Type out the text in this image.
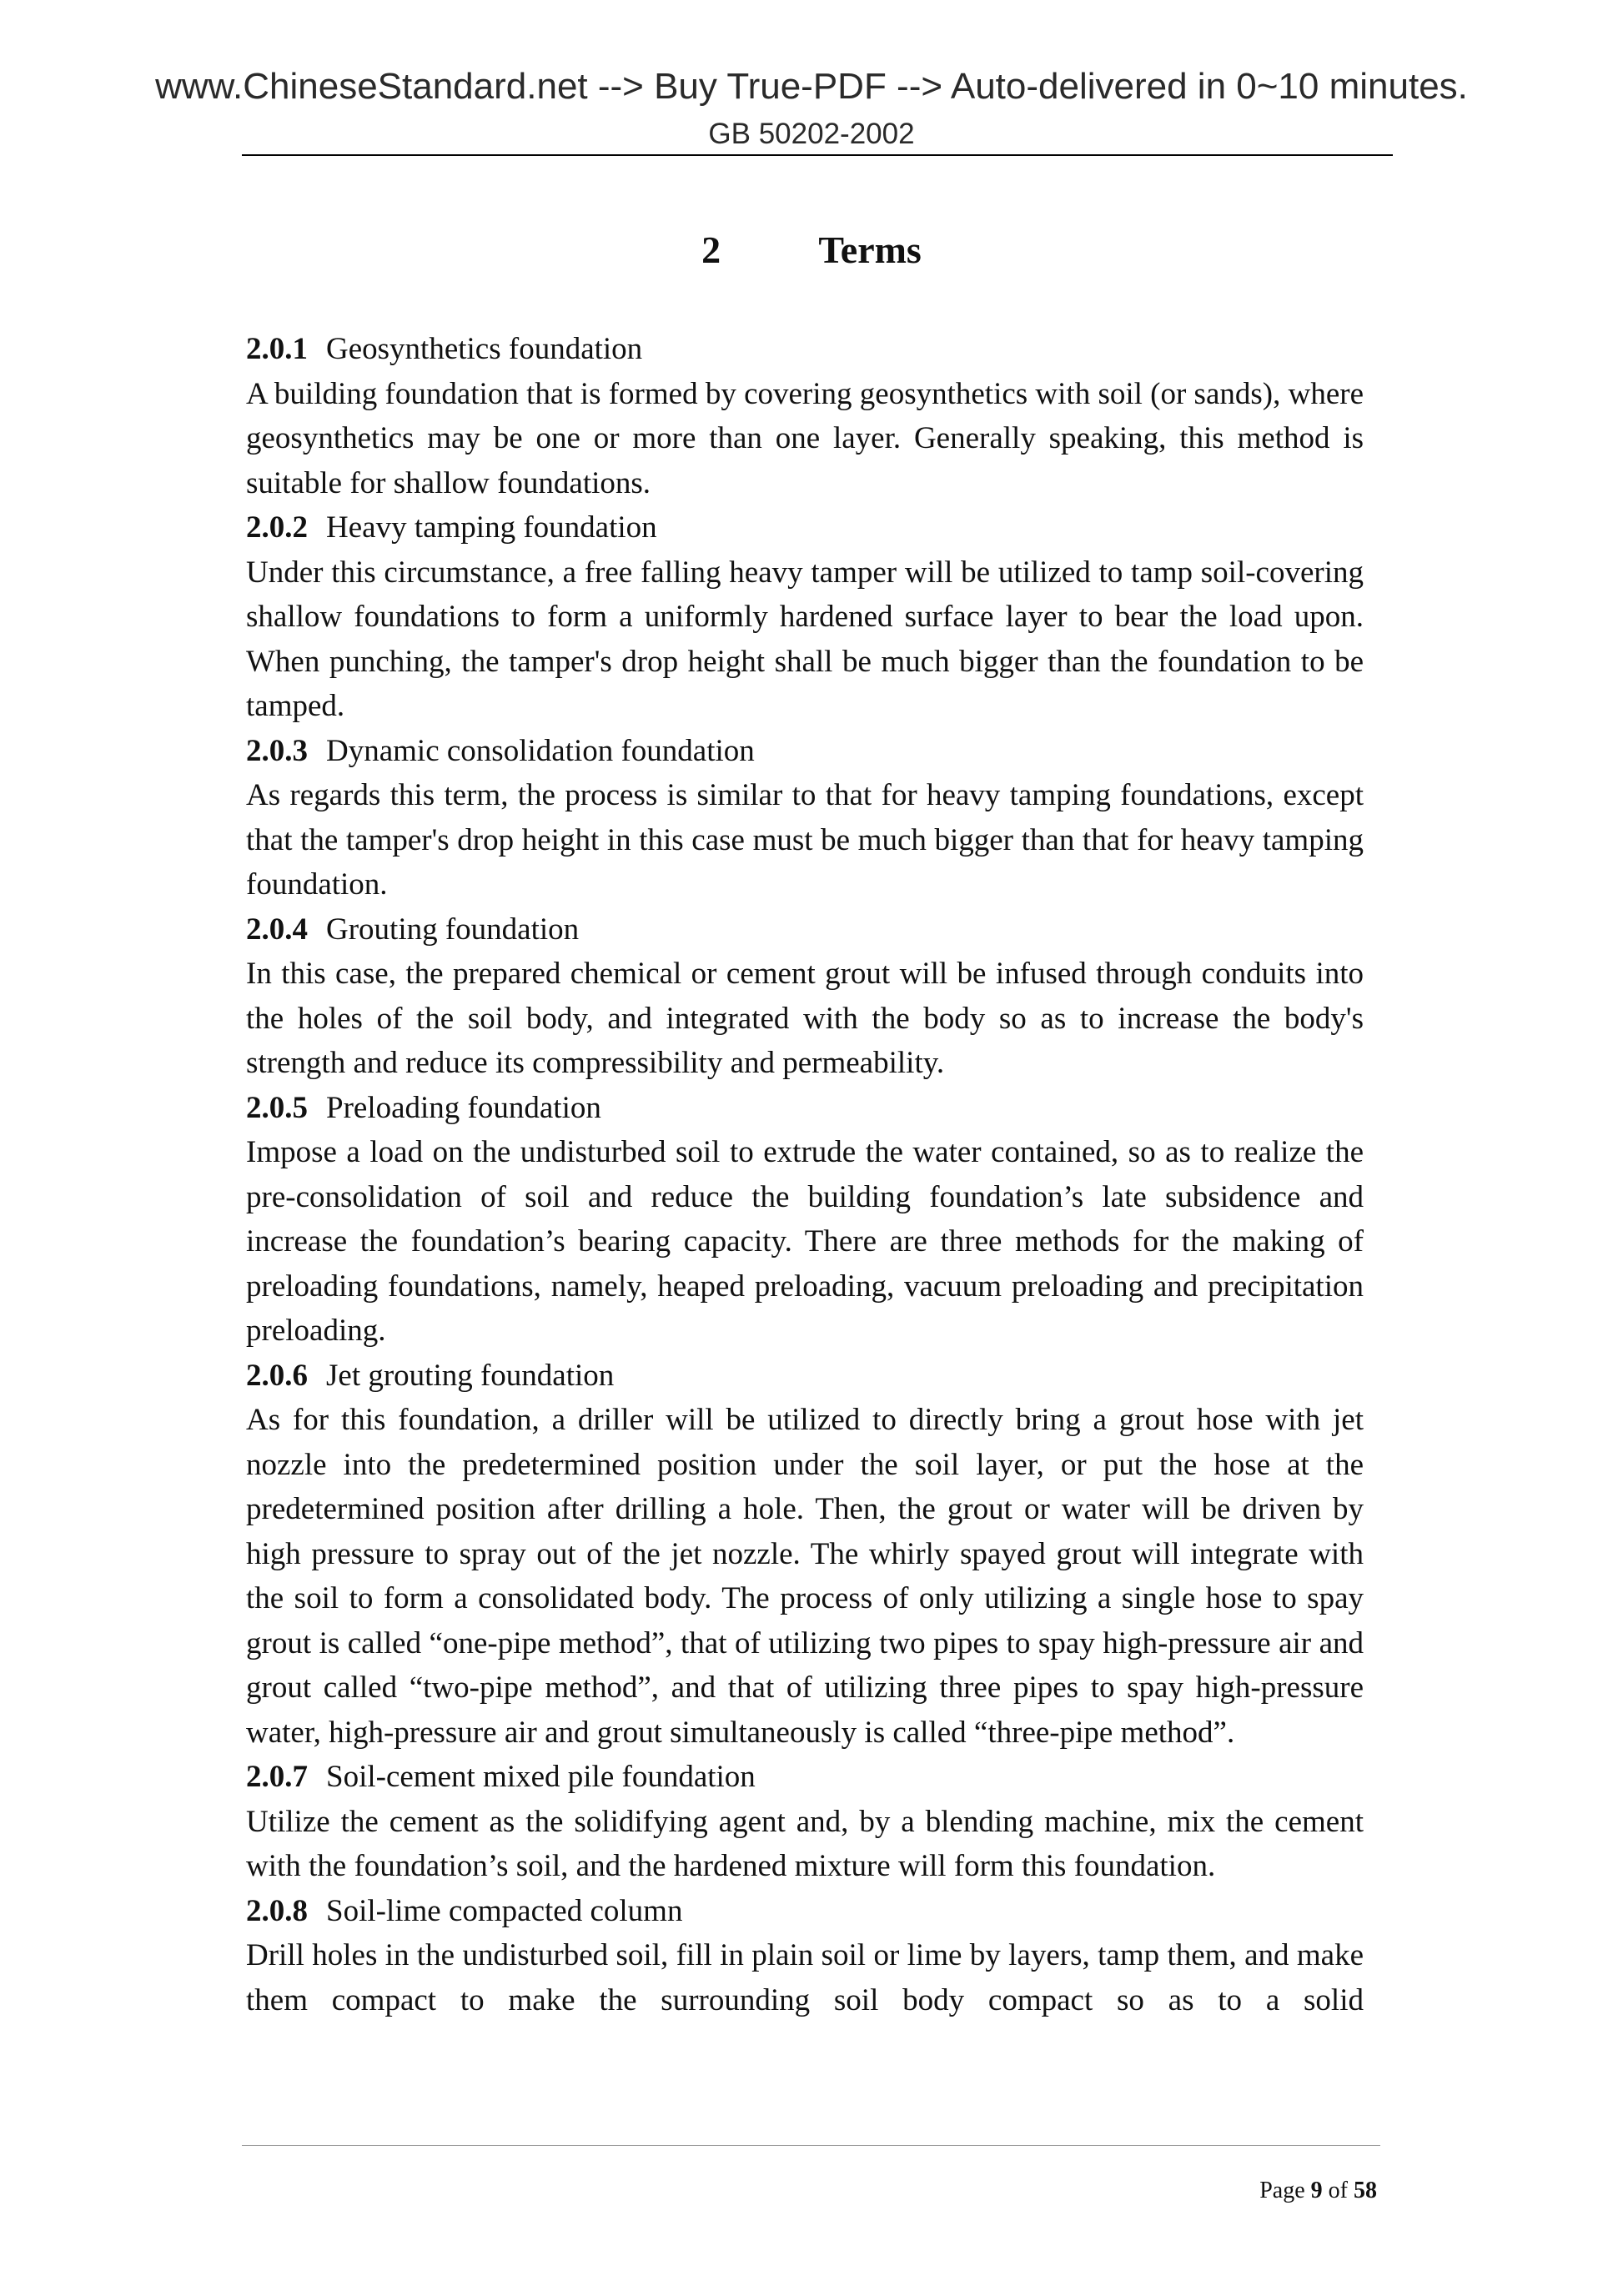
www.ChineseStandard.net --> Buy True-PDF --> Auto-delivered in 0~10 minutes.
GB 50202-2002
2    Terms

2.0.1 Geosynthetics foundation

A building foundation that is formed by covering geosynthetics with soil (or sands), where geosynthetics may be one or more than one layer. Generally speaking, this method is suitable for shallow foundations.

2.0.2 Heavy tamping foundation

Under this circumstance, a free falling heavy tamper will be utilized to tamp soil-covering shallow foundations to form a uniformly hardened surface layer to bear the load upon. When punching, the tamper's drop height shall be much bigger than the foundation to be tamped.

2.0.3 Dynamic consolidation foundation

As regards this term, the process is similar to that for heavy tamping foundations, except that the tamper's drop height in this case must be much bigger than that for heavy tamping foundation.

2.0.4 Grouting foundation

In this case, the prepared chemical or cement grout will be infused through conduits into the holes of the soil body, and integrated with the body so as to increase the body's strength and reduce its compressibility and permeability.

2.0.5 Preloading foundation

Impose a load on the undisturbed soil to extrude the water contained, so as to realize the pre-consolidation of soil and reduce the building foundation’s late subsidence and increase the foundation’s bearing capacity. There are three methods for the making of preloading foundations, namely, heaped preloading, vacuum preloading and precipitation preloading.

2.0.6 Jet grouting foundation

As for this foundation, a driller will be utilized to directly bring a grout hose with jet nozzle into the predetermined position under the soil layer, or put the hose at the predetermined position after drilling a hole. Then, the grout or water will be driven by high pressure to spray out of the jet nozzle. The whirly spayed grout will integrate with the soil to form a consolidated body. The process of only utilizing a single hose to spay grout is called “one-pipe method”, that of utilizing two pipes to spay high-pressure air and grout called “two-pipe method”, and that of utilizing three pipes to spay high-pressure water, high-pressure air and grout simultaneously is called “three-pipe method”.

2.0.7 Soil-cement mixed pile foundation

Utilize the cement as the solidifying agent and, by a blending machine, mix the cement with the foundation’s soil, and the hardened mixture will form this foundation.

2.0.8 Soil-lime compacted column

Drill holes in the undisturbed soil, fill in plain soil or lime by layers, tamp them, and make them compact to make the surrounding soil body compact so as to a solid

Page 9 of 58
